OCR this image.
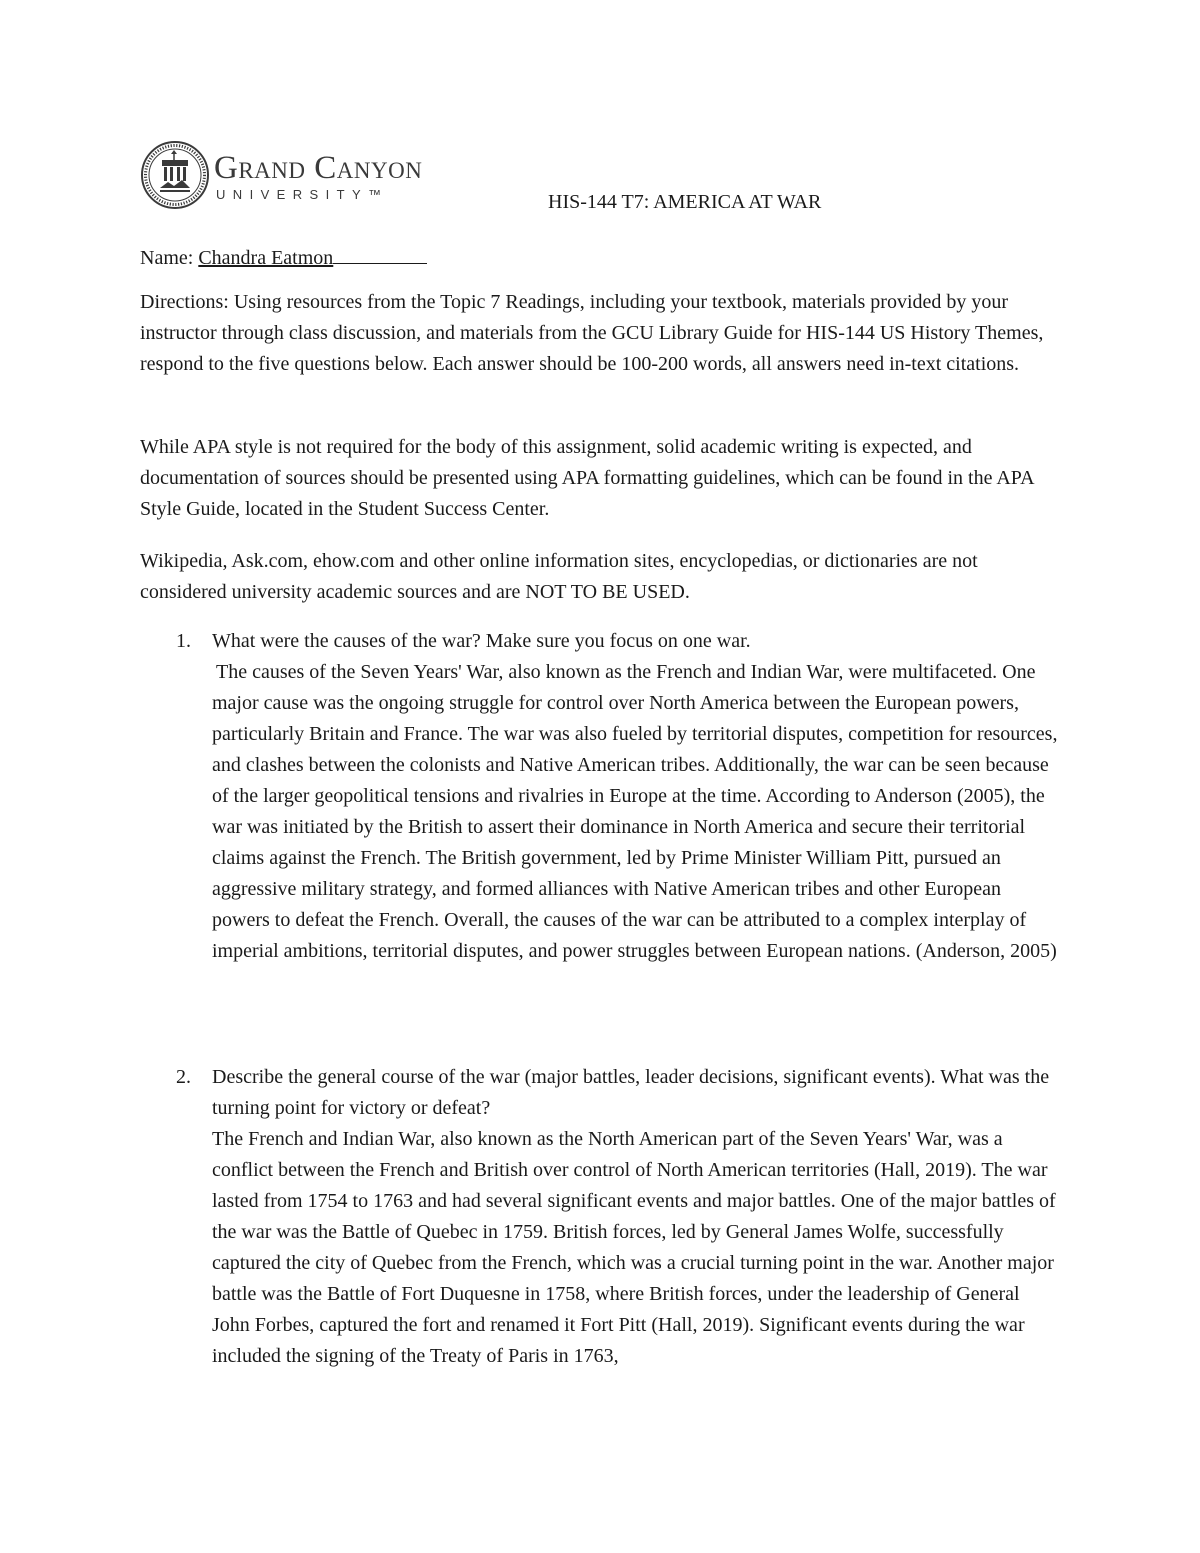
Grand Canyon
UNIVERSITY™	HIS-144 T7: AMERICA AT WAR
Name: Chandra Eatmon

Directions: Using resources from the Topic 7 Readings, including your textbook, materials provided by your instructor through class discussion, and materials from the GCU Library Guide for HIS-144 US History Themes, respond to the five questions below. Each answer should be 100-200 words, all answers need in-text citations.

While APA style is not required for the body of this assignment, solid academic writing is expected, and documentation of sources should be presented using APA formatting guidelines, which can be found in the APA Style Guide, located in the Student Success Center.

Wikipedia, Ask.com, ehow.com and other online information sites, encyclopedias, or dictionaries are not considered university academic sources and are NOT TO BE USED.

1. What were the causes of the war? Make sure you focus on one war.
The causes of the Seven Years' War, also known as the French and Indian War, were multifaceted. One major cause was the ongoing struggle for control over North America between the European powers, particularly Britain and France. The war was also fueled by territorial disputes, competition for resources, and clashes between the colonists and Native American tribes. Additionally, the war can be seen because of the larger geopolitical tensions and rivalries in Europe at the time. According to Anderson (2005), the war was initiated by the British to assert their dominance in North America and secure their territorial claims against the French. The British government, led by Prime Minister William Pitt, pursued an aggressive military strategy, and formed alliances with Native American tribes and other European powers to defeat the French. Overall, the causes of the war can be attributed to a complex interplay of imperial ambitions, territorial disputes, and power struggles between European nations. (Anderson, 2005)
2. Describe the general course of the war (major battles, leader decisions, significant events). What was the turning point for victory or defeat?
The French and Indian War, also known as the North American part of the Seven Years' War, was a conflict between the French and British over control of North American territories (Hall, 2019). The war lasted from 1754 to 1763 and had several significant events and major battles. One of the major battles of the war was the Battle of Quebec in 1759. British forces, led by General James Wolfe, successfully captured the city of Quebec from the French, which was a crucial turning point in the war. Another major battle was the Battle of Fort Duquesne in 1758, where British forces, under the leadership of General John Forbes, captured the fort and renamed it Fort Pitt (Hall, 2019). Significant events during the war included the signing of the Treaty of Paris in 1763,
